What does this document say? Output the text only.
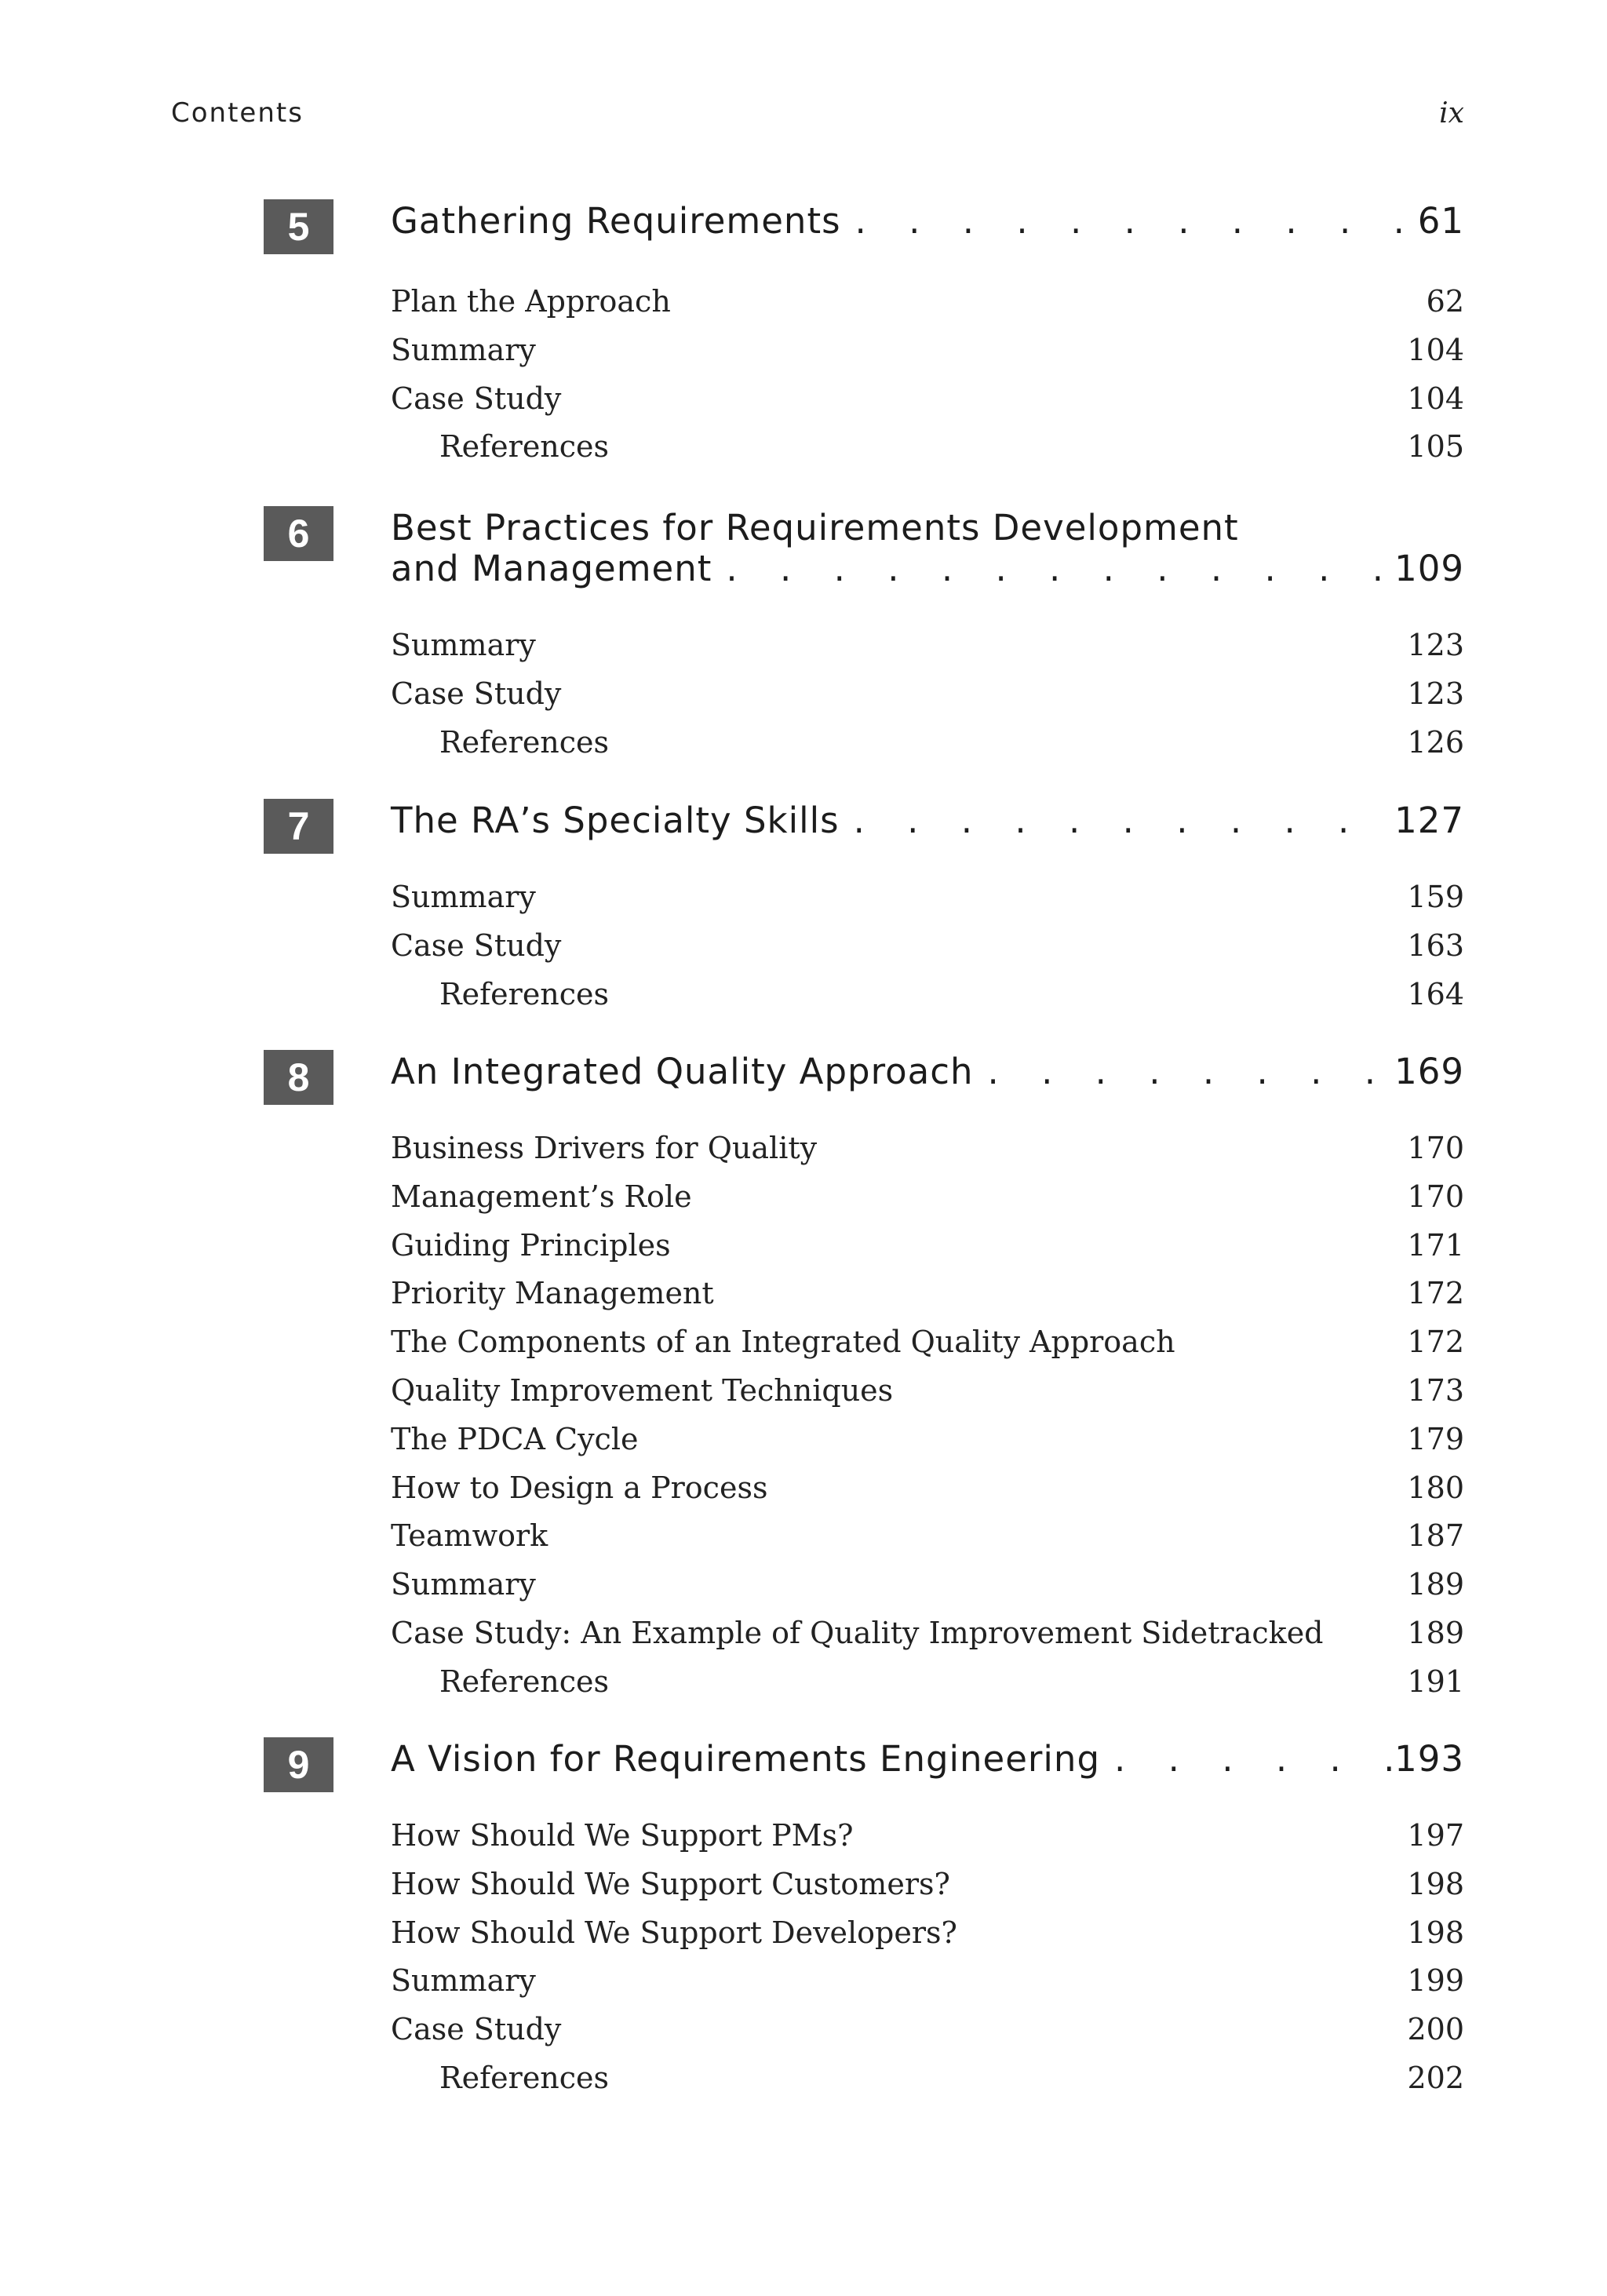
Contents	ix
5	Gathering Requirements . . .	61
Plan the Approach	62
Summary	104
Case Study	104
References	105
6	Best Practices for Requirements Development
and Management . . .	109
Summary	123
Case Study	123
References	126
7	The RA’s Specialty Skills . . .	127
Summary	159
Case Study	163
References	164
8	An Integrated Quality Approach . . .	169
Business Drivers for Quality	170
Management’s Role	170
Guiding Principles	171
Priority Management	172
The Components of an Integrated Quality Approach	172
Quality Improvement Techniques	173
The PDCA Cycle	179
How to Design a Process	180
Teamwork	187
Summary	189
Case Study: An Example of Quality Improvement Sidetracked	189
References	191
9	A Vision for Requirements Engineering . . .	193
How Should We Support PMs?	197
How Should We Support Customers?	198
How Should We Support Developers?	198
Summary	199
Case Study	200
References	202
